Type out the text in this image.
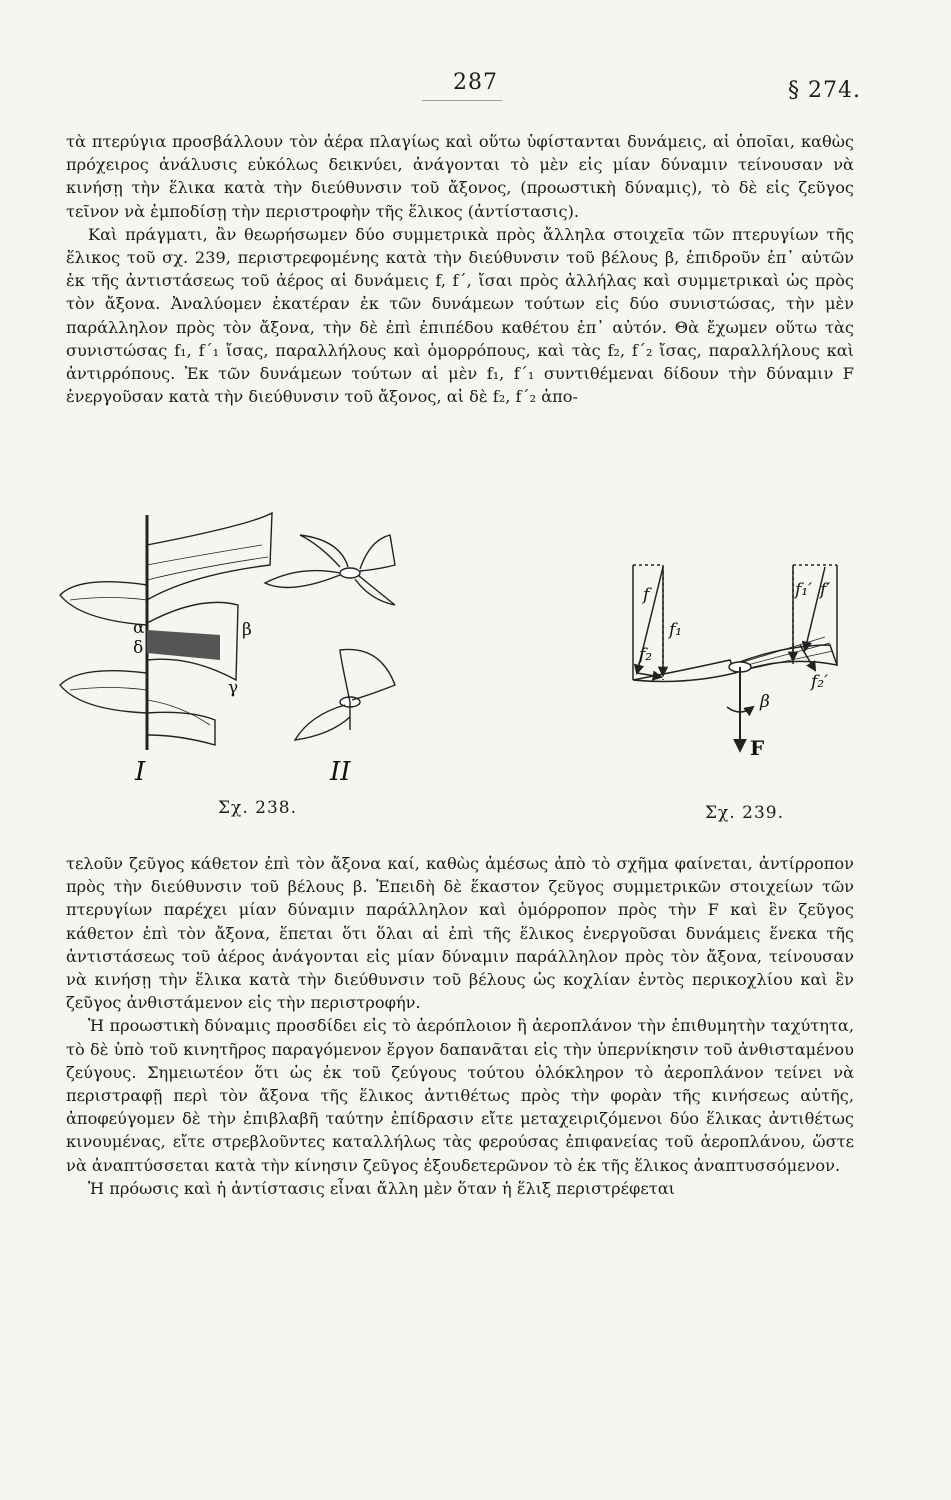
287	§ 274.

τὰ πτερύγια προσβάλλουν τὸν ἀέρα πλαγίως καὶ οὕτω ὑφίστανται δυνάμεις, αἱ ὁποῖαι, καθὼς πρόχειρος ἀνάλυσις εὐκόλως δεικνύει, ἀνάγονται τὸ μὲν εἰς μίαν δύναμιν τείνουσαν νὰ κινήσῃ τὴν ἕλικα κατὰ τὴν διεύθυνσιν τοῦ ἄξονος, (προωστικὴ δύναμις), τὸ δὲ εἰς ζεῦγος τεῖνον νὰ ἐμποδίσῃ τὴν περιστροφὴν τῆς ἕλικος (ἀντίστασις).

Καὶ πράγματι, ἂν θεωρήσωμεν δύο συμμετρικὰ πρὸς ἄλληλα στοιχεῖα τῶν πτερυγίων τῆς ἕλικος τοῦ σχ. 239, περιστρεφομένης κατὰ τὴν διεύθυνσιν τοῦ βέλους β, ἐπιδροῦν ἐπ᾽ αὐτῶν ἐκ τῆς ἀντιστάσεως τοῦ ἀέρος αἱ δυνάμεις f, f΄, ἴσαι πρὸς ἀλλήλας καὶ συμμετρικαὶ ὡς πρὸς τὸν ἄξονα. Ἀναλύομεν ἑκατέραν ἐκ τῶν δυνάμεων τούτων εἰς δύο συνιστώσας, τὴν μὲν παράλληλον πρὸς τὸν ἄξονα, τὴν δὲ ἐπὶ ἐπιπέδου καθέτου ἐπ᾽ αὐτόν. Θὰ ἔχωμεν οὕτω τὰς συνιστώσας f₁, f΄₁ ἴσας, παραλλήλους καὶ ὁμορρόπους, καὶ τὰς f₂, f΄₂ ἴσας, παραλλήλους καὶ ἀντιρρόπους. Ἐκ τῶν δυνάμεων τούτων αἱ μὲν f₁, f΄₁ συντιθέμεναι δίδουν τὴν δύναμιν F ἐνεργοῦσαν κατὰ τὴν διεύθυνσιν τοῦ ἄξονος, αἱ δὲ f₂, f΄₂ ἀπο-

α
δ
β
γ
I	II
Σχ. 238.
f
f₁
f₂
f₁′ f′
f₂′
β
F
Σχ. 239.

τελοῦν ζεῦγος κάθετον ἐπὶ τὸν ἄξονα καί, καθὼς ἀμέσως ἀπὸ τὸ σχῆμα φαίνεται, ἀντίρροπον πρὸς τὴν διεύθυνσιν τοῦ βέλους β. Ἐπειδὴ δὲ ἕκαστον ζεῦγος συμμετρικῶν στοιχείων τῶν πτερυγίων παρέχει μίαν δύναμιν παράλληλον καὶ ὁμόρροπον πρὸς τὴν F καὶ ἓν ζεῦγος κάθετον ἐπὶ τὸν ἄξονα, ἕπεται ὅτι ὅλαι αἱ ἐπὶ τῆς ἕλικος ἐνεργοῦσαι δυνάμεις ἕνεκα τῆς ἀντιστάσεως τοῦ ἀέρος ἀνάγονται εἰς μίαν δύναμιν παράλληλον πρὸς τὸν ἄξονα, τείνουσαν νὰ κινήσῃ τὴν ἕλικα κατὰ τὴν διεύθυνσιν τοῦ βέλους ὡς κοχλίαν ἐντὸς περικοχλίου καὶ ἓν ζεῦγος ἀνθιστάμενον εἰς τὴν περιστροφήν.

Ἡ προωστικὴ δύναμις προσδίδει εἰς τὸ ἀερόπλοιον ἢ ἀεροπλάνον τὴν ἐπιθυμητὴν ταχύτητα, τὸ δὲ ὑπὸ τοῦ κινητῆρος παραγόμενον ἔργον δαπανᾶται εἰς τὴν ὑπερνίκησιν τοῦ ἀνθισταμένου ζεύγους. Σημειωτέον ὅτι ὡς ἐκ τοῦ ζεύγους τούτου ὁλόκληρον τὸ ἀεροπλάνον τείνει νὰ περιστραφῇ περὶ τὸν ἄξονα τῆς ἕλικος ἀντιθέτως πρὸς τὴν φορὰν τῆς κινήσεως αὐτῆς, ἀποφεύγομεν δὲ τὴν ἐπιβλαβῆ ταύτην ἐπίδρασιν εἴτε μεταχειριζόμενοι δύο ἕλικας ἀντιθέτως κινουμένας, εἴτε στρεβλοῦντες καταλλήλως τὰς φερούσας ἐπιφανείας τοῦ ἀεροπλάνου, ὥστε νὰ ἀναπτύσσεται κατὰ τὴν κίνησιν ζεῦγος ἐξουδετερῶνον τὸ ἐκ τῆς ἕλικος ἀναπτυσσόμενον.

Ἡ πρόωσις καὶ ἡ ἀντίστασις εἶναι ἄλλη μὲν ὅταν ἡ ἕλιξ περιστρέφεται
